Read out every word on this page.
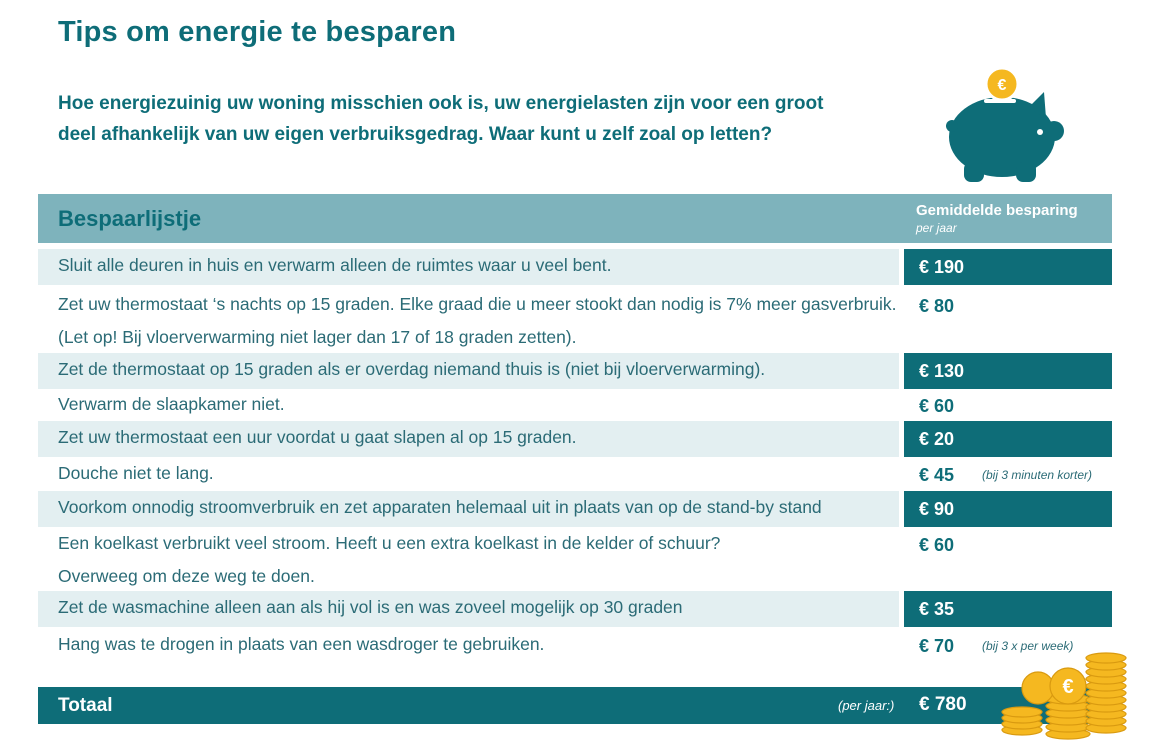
Tips om energie te besparen

Hoe energiezuinig uw woning misschien ook is, uw energielasten zijn voor een groot deel afhankelijk van uw eigen verbruiksgedrag. Waar kunt u zelf zoal op letten?

€
Bespaarlijstje	Gemiddelde besparing
per jaar
Sluit alle deuren in huis en verwarm alleen de ruimtes waar u veel bent.	€ 190
Zet uw thermostaat ‘s nachts op 15 graden. Elke graad die u meer stookt dan nodig is 7% meer gasverbruik. (Let op! Bij vloerverwarming niet lager dan 17 of 18 graden zetten).
€ 80
Zet de thermostaat op 15 graden als er overdag niemand thuis is (niet bij vloerverwarming).	€ 130
Verwarm de slaapkamer niet.	€ 60
Zet uw thermostaat een uur voordat u gaat slapen al op 15 graden.	€ 20
Douche niet te lang.	€ 45	(bij 3 minuten korter)
Voorkom onnodig stroomverbruik en zet apparaten helemaal uit in plaats van op de stand-by stand	€ 90
Een koelkast verbruikt veel stroom. Heeft u een extra koelkast in de kelder of schuur? Overweeg om deze weg te doen.
€ 60
Zet de wasmachine alleen aan als hij vol is en was zoveel mogelijk op 30 graden	€ 35
Hang was te drogen in plaats van een wasdroger te gebruiken.	€ 70	(bij 3 x per week)
Totaal	(per jaar:) € 780
€
